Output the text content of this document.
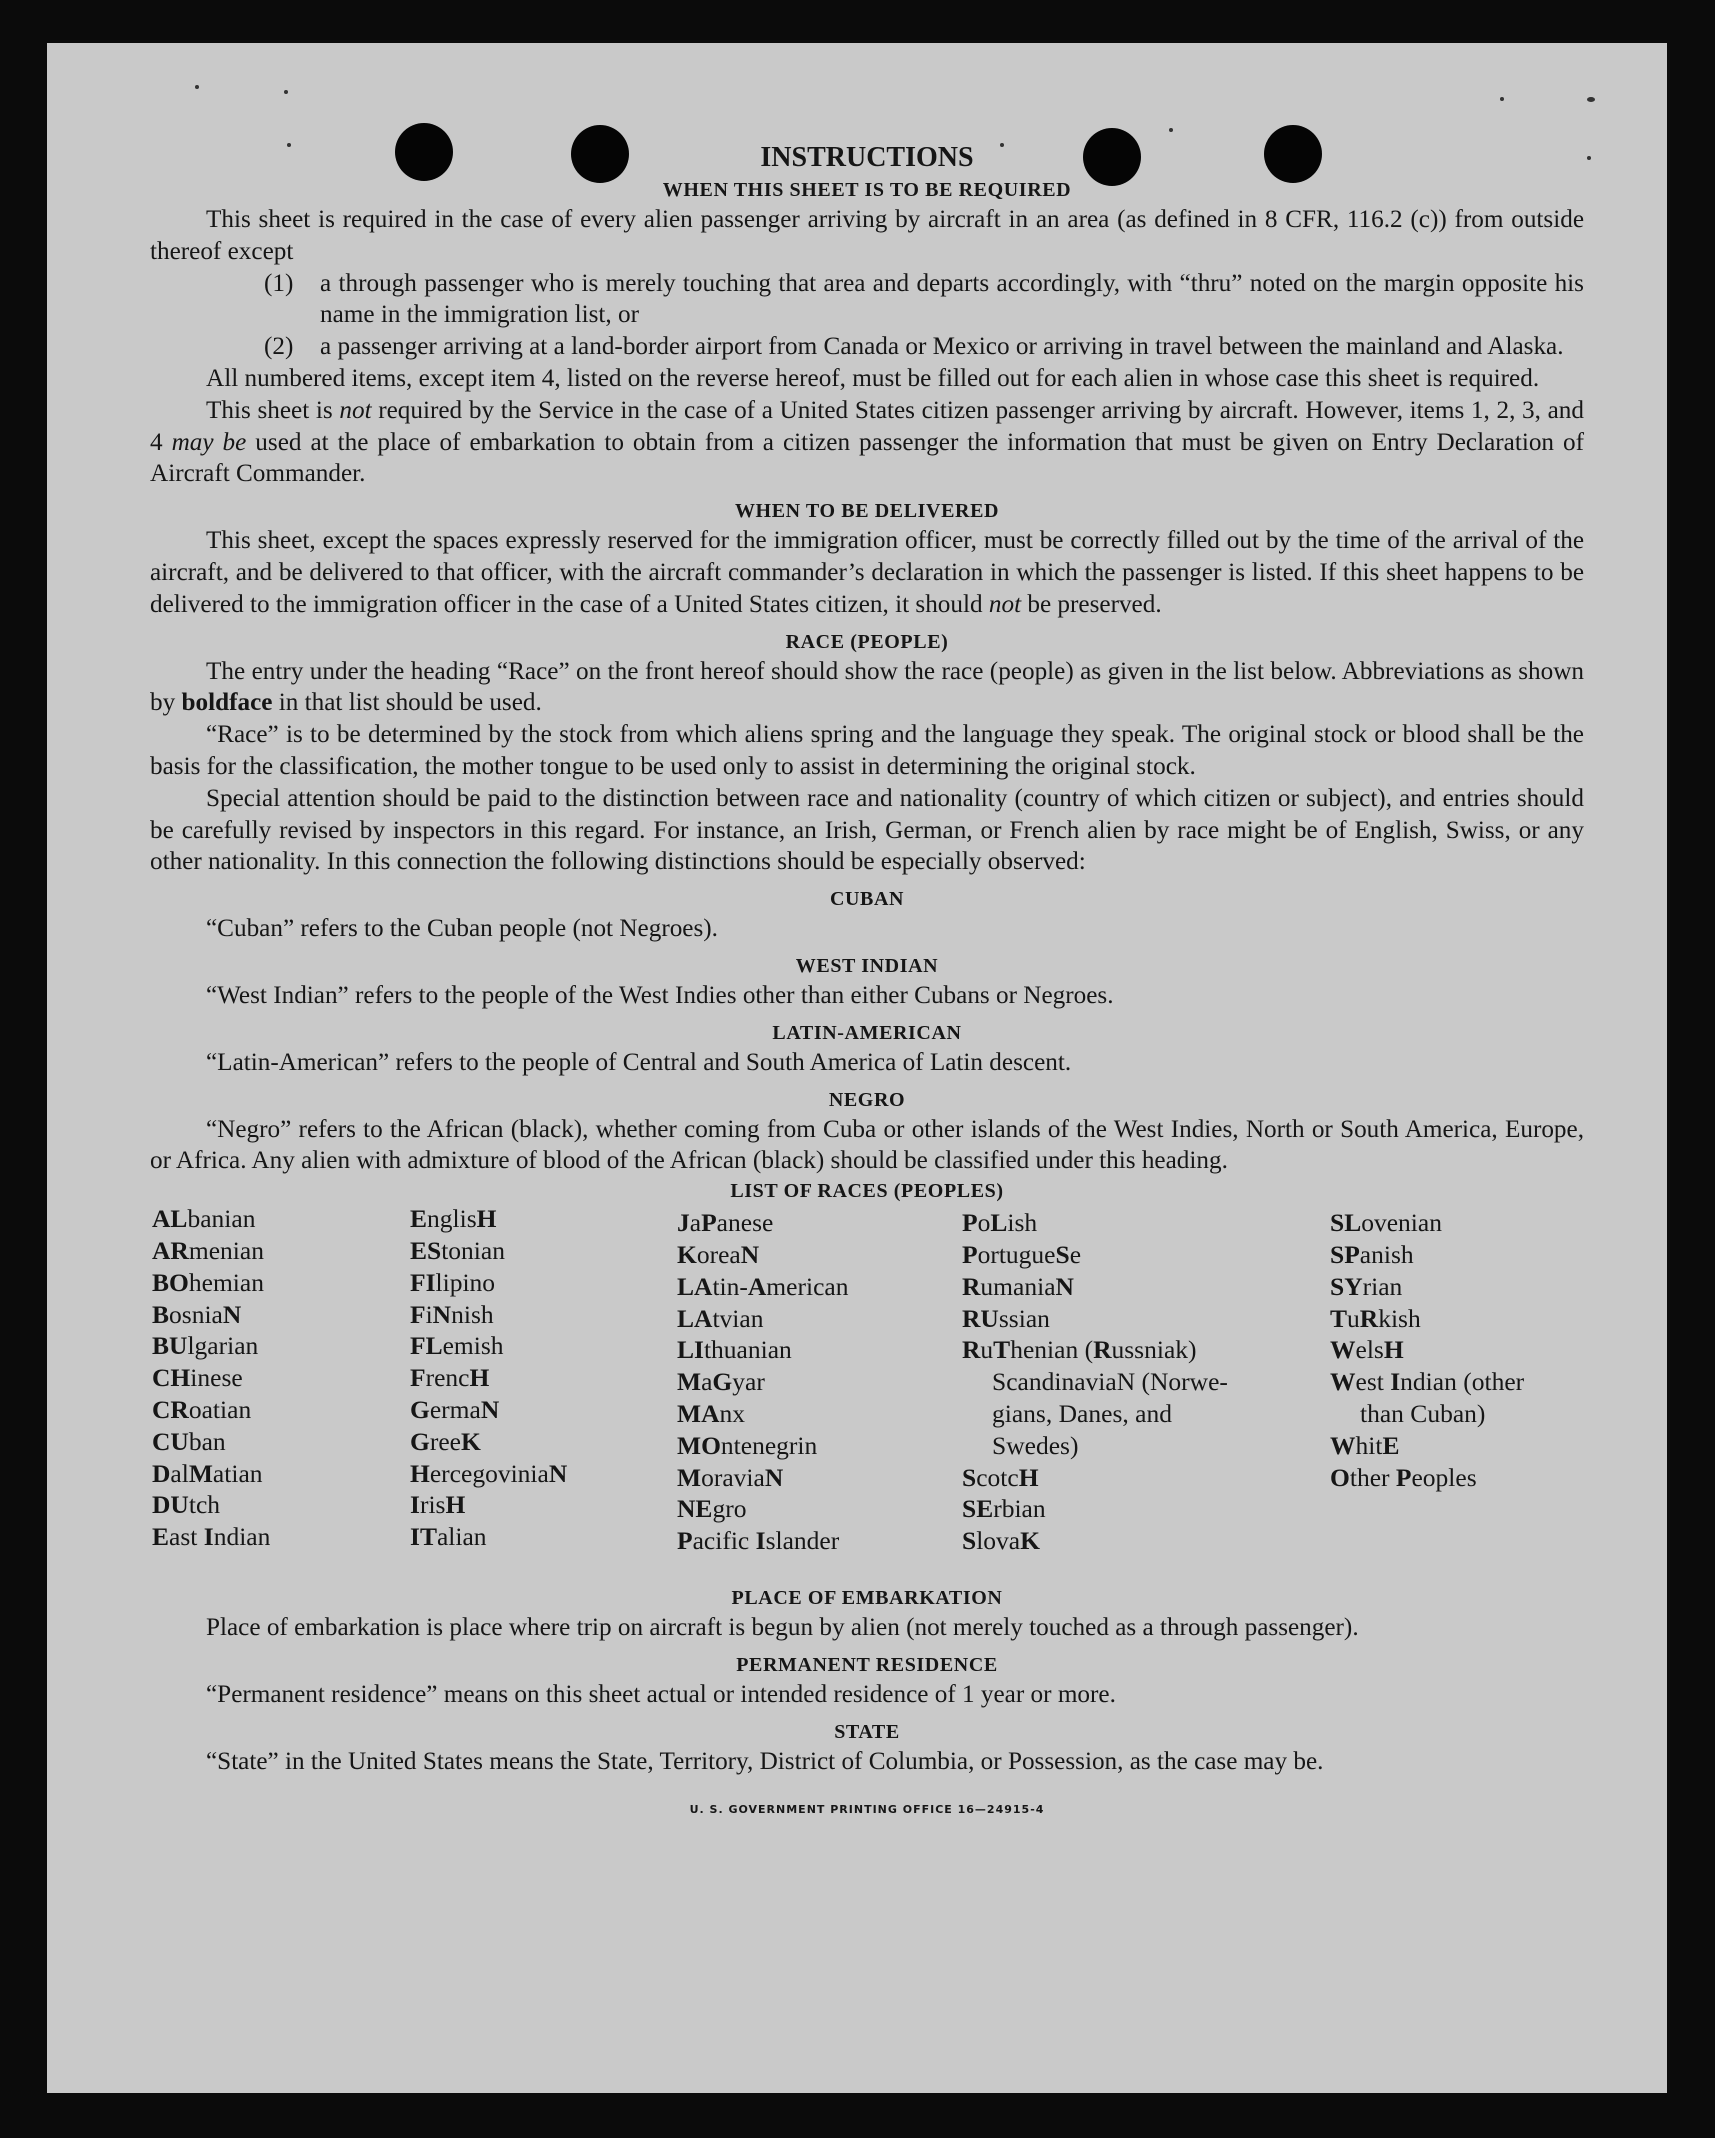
INSTRUCTIONS
WHEN THIS SHEET IS TO BE REQUIRED

This sheet is required in the case of every alien passenger arriving by aircraft in an area (as defined in 8 CFR, 116.2 (c)) from outside thereof except

(1)	a through passenger who is merely touching that area and departs accordingly, with “thru” noted on the margin opposite his name in the immigration list, or
(2)	a passenger arriving at a land-border airport from Canada or Mexico or arriving in travel between the mainland and Alaska.

All numbered items, except item 4, listed on the reverse hereof, must be filled out for each alien in whose case this sheet is required.

This sheet is not required by the Service in the case of a United States citizen passenger arriving by aircraft. However, items 1, 2, 3, and 4 may be used at the place of embarkation to obtain from a citizen passenger the information that must be given on Entry Declaration of Aircraft Commander.

WHEN TO BE DELIVERED

This sheet, except the spaces expressly reserved for the immigration officer, must be correctly filled out by the time of the arrival of the aircraft, and be delivered to that officer, with the aircraft commander’s declaration in which the passenger is listed. If this sheet happens to be delivered to the immigration officer in the case of a United States citizen, it should not be preserved.

RACE (PEOPLE)

The entry under the heading “Race” on the front hereof should show the race (people) as given in the list below. Abbreviations as shown by boldface in that list should be used.

“Race” is to be determined by the stock from which aliens spring and the language they speak. The original stock or blood shall be the basis for the classification, the mother tongue to be used only to assist in determining the original stock.

Special attention should be paid to the distinction between race and nationality (country of which citizen or subject), and entries should be carefully revised by inspectors in this regard. For instance, an Irish, German, or French alien by race might be of English, Swiss, or any other nationality. In this connection the following distinctions should be especially observed:

CUBAN

“Cuban” refers to the Cuban people (not Negroes).

WEST INDIAN

“West Indian” refers to the people of the West Indies other than either Cubans or Negroes.

LATIN-AMERICAN

“Latin-American” refers to the people of Central and South America of Latin descent.

NEGRO

“Negro” refers to the African (black), whether coming from Cuba or other islands of the West Indies, North or South America, Europe, or Africa. Any alien with admixture of blood of the African (black) should be classified under this heading.

LIST OF RACES (PEOPLES)
ALbanian
ARmenian
BOhemian
BosniaN
BUlgarian
CHinese
CRoatian
CUban
DalMatian
DUtch
East Indian
EnglisH
EStonian
FIlipino
FiNnish
FLemish
FrencH
GermaN
GreeK
HercegoviniaN
IrisH
ITalian
JaPanese
KoreaN
LAtin-American
LAtvian
LIthuanian
MaGyar
MAnx
MOntenegrin
MoraviaN
NEgro
Pacific Islander
PoLish
PortugueSe
RumaniaN
RUssian
RuThenian (Russniak)
ScandinaviaN (Norwe-
gians, Danes, and
Swedes)
ScotcH
SErbian
SlovaK
SLovenian
SPanish
SYrian
TuRkish
WelsH
West Indian (other
than Cuban)
WhitE
Other Peoples
PLACE OF EMBARKATION

Place of embarkation is place where trip on aircraft is begun by alien (not merely touched as a through passenger).

PERMANENT RESIDENCE

“Permanent residence” means on this sheet actual or intended residence of 1 year or more.

STATE

“State” in the United States means the State, Territory, District of Columbia, or Possession, as the case may be.

U. S. GOVERNMENT PRINTING OFFICE 16—24915-4
